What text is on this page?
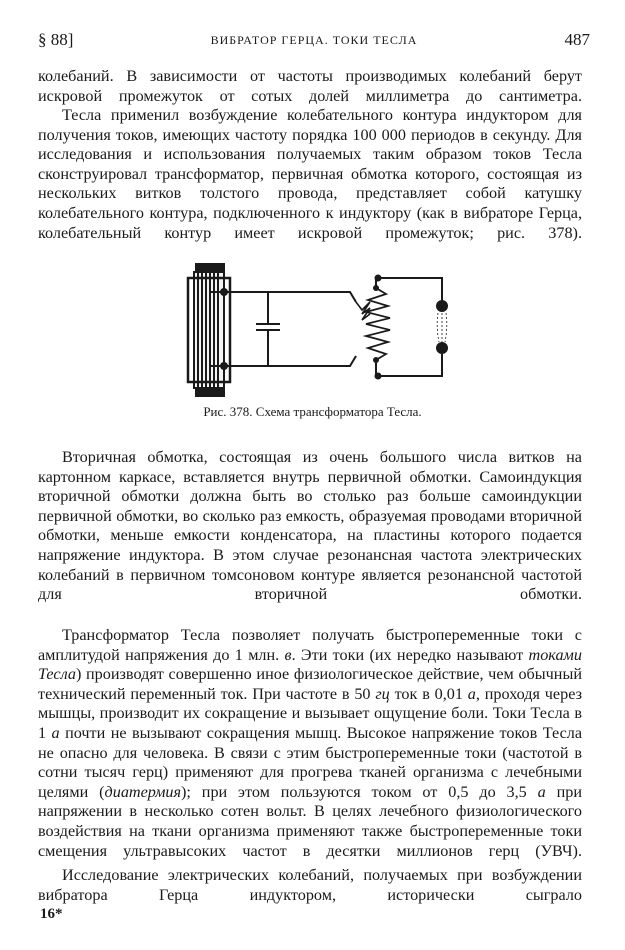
§ 88]	ВИБРАТОР ГЕРЦА. ТОКИ ТЕСЛА	487

колебаний. В зависимости от частоты производимых колебаний берут искровой промежуток от сотых долей миллиметра до сантиметра.

Тесла применил возбуждение колебательного контура индуктором для получения токов, имеющих частоту порядка 100 000 периодов в секунду. Для исследования и использования получаемых таким образом токов Тесла сконструировал трансформатор, первичная обмотка которого, состоящая из нескольких витков толстого провода, представляет собой катушку колебательного контура, подключенного к индуктору (как в вибраторе Герца, колебательный контур имеет искровой промежуток; рис. 378).

Рис. 378. Схема трансформатора Тесла.

Вторичная обмотка, состоящая из очень большого числа витков на картонном каркасе, вставляется внутрь первичной обмотки. Самоиндукция вторичной обмотки должна быть во столько раз больше самоиндукции первичной обмотки, во сколько раз емкость, образуемая проводами вторичной обмотки, меньше емкости конденсатора, на пластины которого подается напряжение индуктора. В этом случае резонансная частота электрических колебаний в первичном томсоновом контуре является резонансной частотой для вторичной обмотки.

Трансформатор Тесла позволяет получать быстропеременные токи с амплитудой напряжения до 1 млн. в. Эти токи (их нередко называют токами Тесла) производят совершенно иное физиологическое действие, чем обычный технический переменный ток. При частоте в 50 гц ток в 0,01 а, проходя через мышцы, производит их сокращение и вызывает ощущение боли. Токи Тесла в 1 а почти не вызывают сокращения мышц. Высокое напряжение токов Тесла не опасно для человека. В связи с этим быстропеременные токи (частотой в сотни тысяч герц) применяют для прогрева тканей организма с лечебными целями (диатермия); при этом пользуются током от 0,5 до 3,5 а при напряжении в несколько сотен вольт. В целях лечебного физиологического воздействия на ткани организма применяют также быстропеременные токи смещения ультравысоких частот в десятки миллионов герц (УВЧ).

Исследование электрических колебаний, получаемых при возбуждении вибратора Герца индуктором, исторически сыграло

16*
